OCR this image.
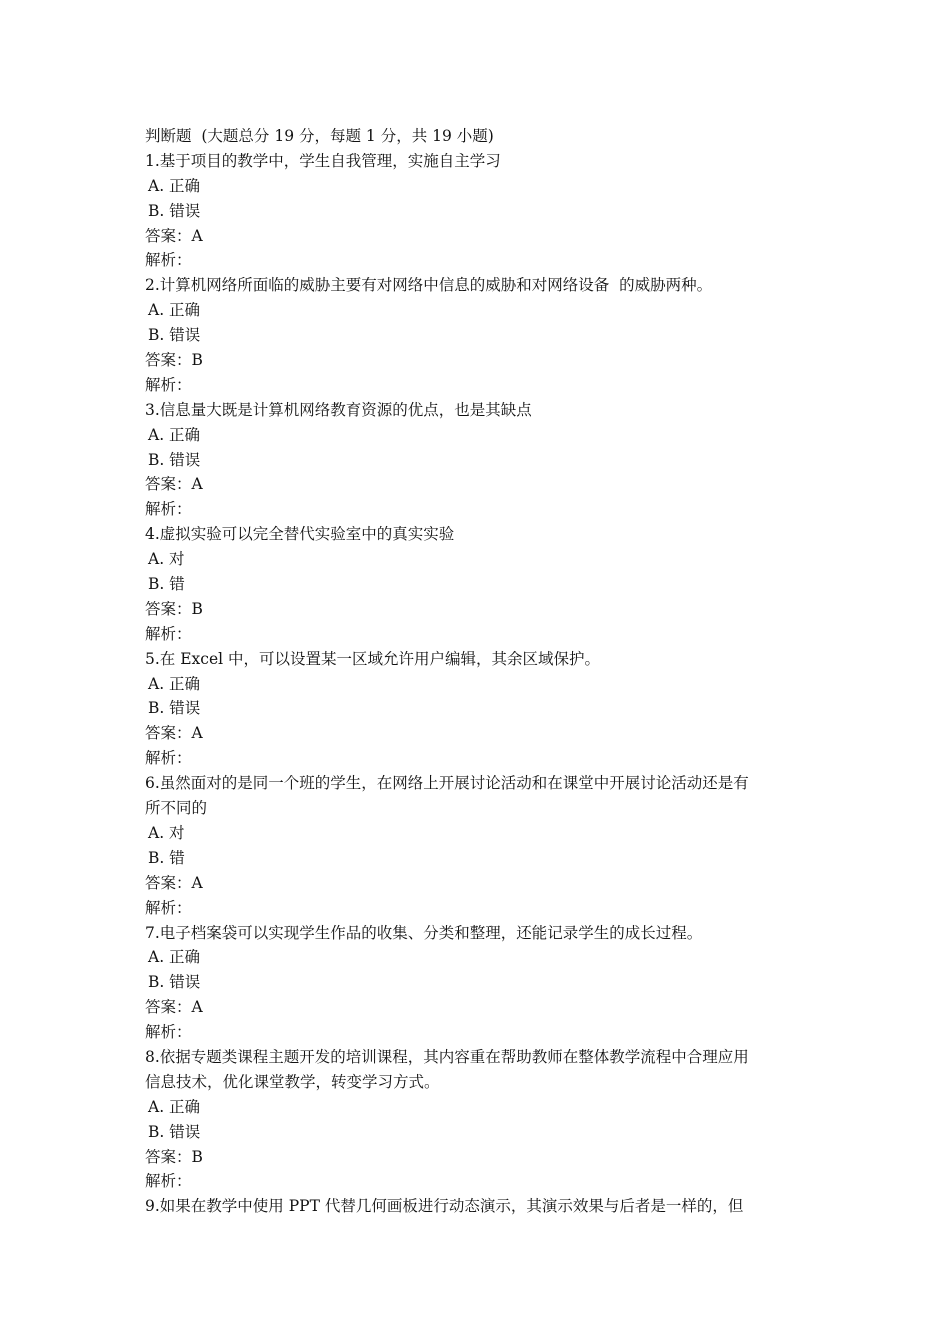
判断题  (大题总分 19 分，每题 1 分，共 19 小题)
1.基于项目的教学中，学生自我管理，实施自主学习
A. 正确
B. 错误
答案：A
解析：
2.计算机网络所面临的威胁主要有对网络中信息的威胁和对网络设备  的威胁两种。
A. 正确
B. 错误
答案：B
解析：
3.信息量大既是计算机网络教育资源的优点，也是其缺点
A. 正确
B. 错误
答案：A
解析：
4.虚拟实验可以完全替代实验室中的真实实验
A. 对
B. 错
答案：B
解析：
5.在 Excel 中，可以设置某一区域允许用户编辑，其余区域保护。
A. 正确
B. 错误
答案：A
解析：
6.虽然面对的是同一个班的学生，在网络上开展讨论活动和在课堂中开展讨论活动还是有
所不同的
A. 对
B. 错
答案：A
解析：
7.电子档案袋可以实现学生作品的收集、分类和整理，还能记录学生的成长过程。
A. 正确
B. 错误
答案：A
解析：
8.依据专题类课程主题开发的培训课程，其内容重在帮助教师在整体教学流程中合理应用
信息技术，优化课堂教学，转变学习方式。
A. 正确
B. 错误
答案：B
解析：
9.如果在教学中使用 PPT 代替几何画板进行动态演示，其演示效果与后者是一样的，但
